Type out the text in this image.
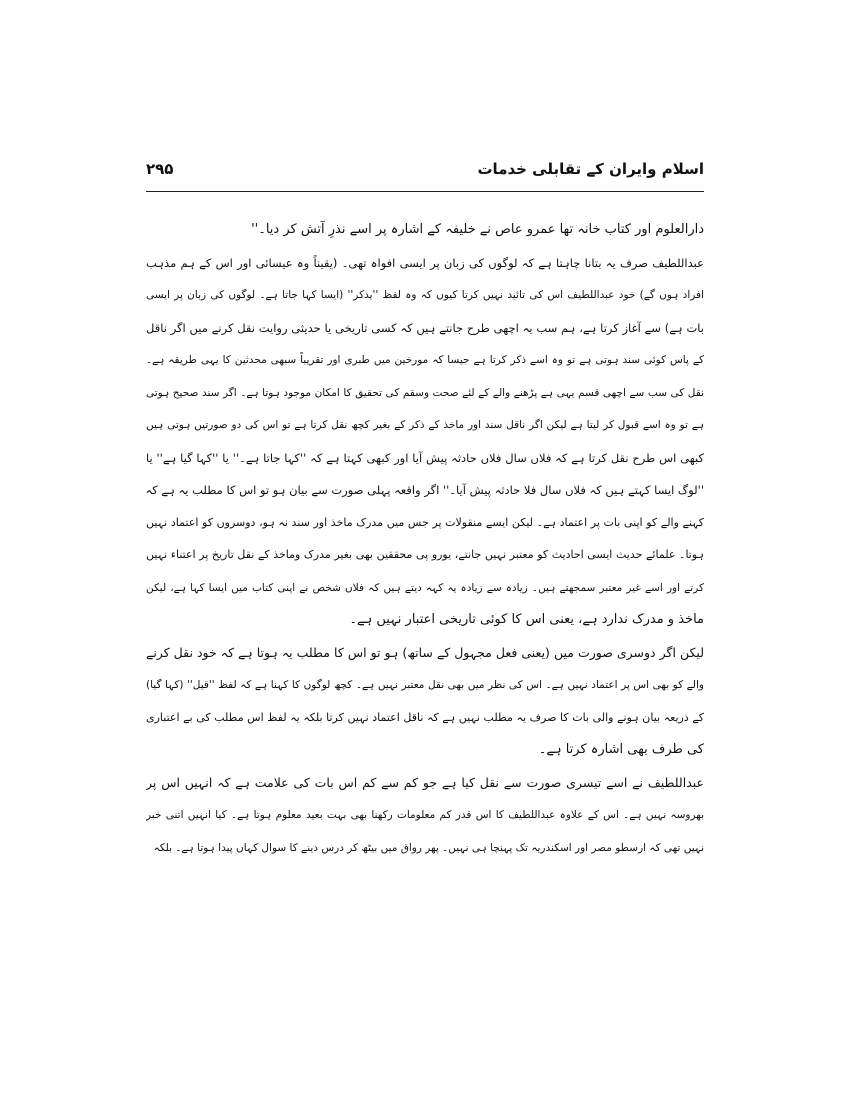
اسلام وایران کے تقابلی خدمات
۲۹۵
دارالعلوم اور کتاب خانہ تھا عمرو عاص نے خلیفہ کے اشارہ پر اسے نذرِ آتش کر دیا۔''
عبداللطیف صرف یہ بتانا چاہتا ہے کہ لوگوں کی زبان پر ایسی افواہ تھی۔ (یقیناً وہ عیسائی اور اس کے ہم مذہب
افراد ہوں گے) خود عبداللطیف اس کی تائید نہیں کرتا کیوں کہ وہ لفظ ''یذکر'' (ایسا کہا جاتا ہے۔ لوگوں کی زبان پر ایسی
بات ہے) سے آغاز کرتا ہے، ہم سب یہ اچھی طرح جانتے ہیں کہ کسی تاریخی یا حدیثی روایت نقل کرنے میں اگر ناقل
کے پاس کوئی سند ہوتی ہے تو وہ اسے ذکر کرتا ہے جیسا کہ مورخین میں طبری اور تقریباً سبھی محدثین کا یہی طریقہ ہے۔
نقل کی سب سے اچھی قسم یہی ہے پڑھنے والے کے لئے صحت وسقم کی تحقیق کا امکان موجود ہوتا ہے۔ اگر سند صحیح ہوتی
ہے تو وہ اسے قبول کر لیتا ہے لیکن اگر ناقل سند اور ماخذ کے ذکر کے بغیر کچھ نقل کرتا ہے تو اس کی دو صورتیں ہوتی ہیں
کبھی اس طرح نقل کرتا ہے کہ فلاں سال فلاں حادثہ پیش آیا اور کبھی کہتا ہے کہ ''کہا جاتا ہے۔'' یا ''کہا گیا ہے'' یا
''لوگ ایسا کہتے ہیں کہ فلاں سال فلا حادثہ پیش آیا۔'' اگر واقعہ پہلی صورت سے بیان ہو تو اس کا مطلب یہ ہے کہ
کہنے والے کو اپنی بات پر اعتماد ہے۔ لیکن ایسے منقولات پر جس میں مدرک ماخذ اور سند نہ ہو، دوسروں کو اعتماد نہیں
ہوتا۔ علمائے حدیث ایسی احادیث کو معتبر نہیں جانتے، یورو پی محققین بھی بغیر مدرک وماخذ کے نقل تاریخ پر اعتناء نہیں
کرتے اور اسے غیر معتبر سمجھتے ہیں۔ زیادہ سے زیادہ یہ کہہ دیتے ہیں کہ فلاں شخص نے اپنی کتاب میں ایسا کہا ہے، لیکن
ماخذ و مدرک ندارد ہے، یعنی اس کا کوئی تاریخی اعتبار نہیں ہے۔
لیکن اگر دوسری صورت میں (یعنی فعل مجہول کے ساتھ) ہو تو اس کا مطلب یہ ہوتا ہے کہ خود نقل کرنے
والے کو بھی اس پر اعتماد نہیں ہے۔ اس کی نظر میں بھی نقل معتبر نہیں ہے۔ کچھ لوگوں کا کہنا ہے کہ لفظ ''قیل'' (کہا گیا)
کے ذریعہ بیان ہونے والی بات کا صرف یہ مطلب نہیں ہے کہ ناقل اعتماد نہیں کرتا بلکہ یہ لفظ اس مطلب کی بے اعتباری
کی طرف بھی اشارہ کرتا ہے۔
عبداللطیف نے اسے تیسری صورت سے نقل کیا ہے جو کم سے کم اس بات کی علامت ہے کہ انہیں اس پر
بھروسہ نہیں ہے۔ اس کے علاوہ عبداللطیف کا اس قدر کم معلومات رکھنا بھی بہت بعید معلوم ہوتا ہے۔ کیا انہیں اتنی خبر
نہیں تھی کہ ارسطو مصر اور اسکندریہ تک پہنچا ہی نہیں۔ پھر رواق میں بیٹھ کر درس دینے کا سوال کہاں پیدا ہوتا ہے۔ بلکہ
